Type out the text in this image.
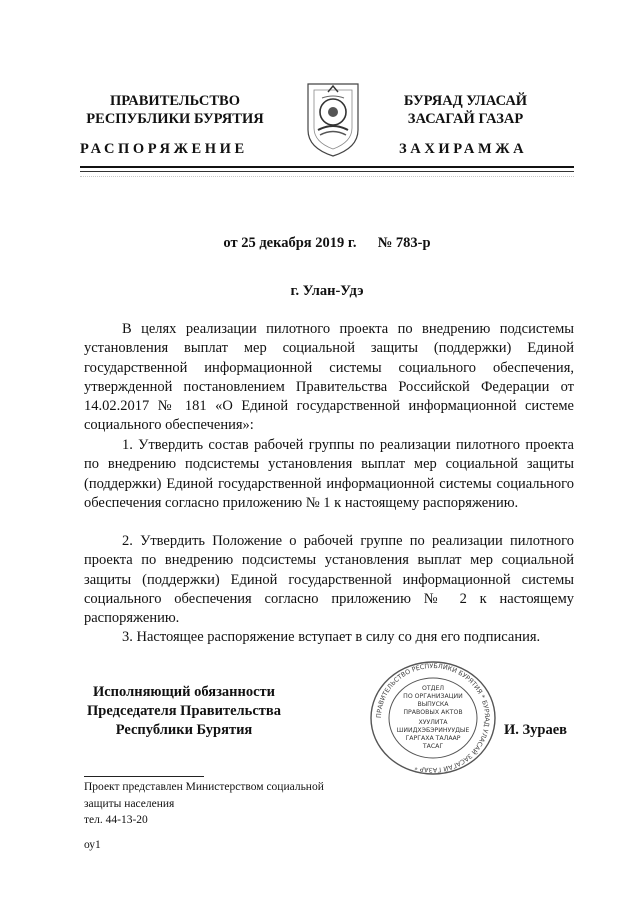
ПРАВИТЕЛЬСТВО
РЕСПУБЛИКИ БУРЯТИЯ
БУРЯАД УЛАСАЙ
ЗАСАГАЙ ГАЗАР
РАСПОРЯЖЕНИЕ	ЗАХИРАМЖА
от 25 декабря 2019 г. № 783-р
г. Улан-Удэ

В целях реализации пилотного проекта по внедрению подсистемы установления выплат мер социальной защиты (поддержки) Единой государственной информационной системы социального обеспечения, утвержденной постановлением Правительства Российской Федерации от 14.02.2017 № 181 «О Единой государственной информационной системе социального обеспечения»:

1. Утвердить состав рабочей группы по реализации пилотного проекта по внедрению подсистемы установления выплат мер социальной защиты (поддержки) Единой государственной информационной системы социального обеспечения согласно приложению № 1 к настоящему распоряжению.

2. Утвердить Положение о рабочей группе по реализации пилотного проекта по внедрению подсистемы установления выплат мер социальной защиты (поддержки) Единой государственной информационной системы социального обеспечения согласно приложению № 2 к настоящему распоряжению.

3. Настоящее распоряжение вступает в силу со дня его подписания.

Исполняющий обязанности
Председателя Правительства
Республики Бурятия
ПРАВИТЕЛЬСТВО РЕСПУБЛИКИ БУРЯТИЯ * БУРЯАД УЛАСАЙ ЗАСАГАЙ ГАЗАР *
ОТДЕЛ
ПО ОРГАНИЗАЦИИ
ВЫПУСКА
ПРАВОВЫХ АКТОВ
ХУУЛИТА
ШИИДХЭБЭРИНУУДЫЕ
ГАРГАХА ТАЛААР
ТАСАГ
И. Зураев
Проект представлен Министерством социальной
защиты населения
тел. 44-13-20
оу1
